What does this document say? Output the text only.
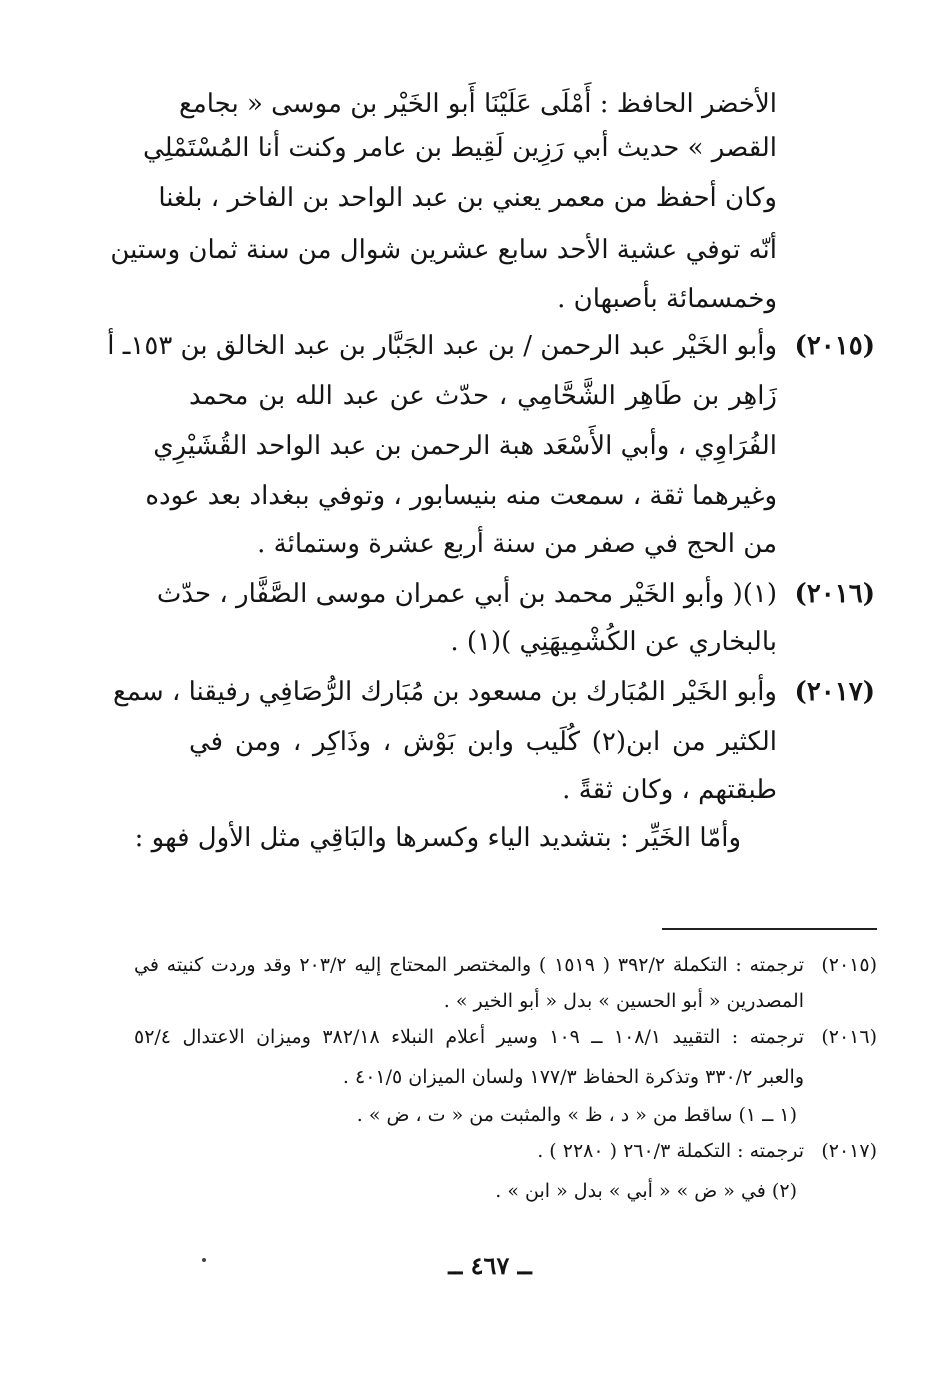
الأخضر الحافظ : أَمْلَى عَلَيْنَا أَبو الخَيْر بن موسى « بجامع
القصر » حديث أبي رَزِين لَقِيط بن عامر وكنت أنا المُسْتَمْلِي
وكان أحفظ من معمر يعني بن عبد الواحد بن الفاخر ، بلغنا
أنّه توفي عشية الأحد سابع عشرين شوال من سنة ثمان وستين
وخمسمائة بأصبهان .
(٢٠١٥)
وأبو الخَيْر عبد الرحمن / بن عبد الجَبَّار بن عبد الخالق بن ١٥٣ـ أ
زَاهِر بن طَاهِر الشَّحَّامِي ، حدّث عن عبد الله بن محمد
الفُرَاوِي ، وأبي الأَسْعَد هبة الرحمن بن عبد الواحد القُشَيْرِي
وغيرهما ثقة ، سمعت منه بنيسابور ، وتوفي ببغداد بعد عوده
من الحج في صفر من سنة أربع عشرة وستمائة .
(٢٠١٦)
(١)( وأبو الخَيْر محمد بن أبي عمران موسى الصَّفَّار ، حدّث
بالبخاري عن الكُشْمِيهَنِي )(١) .
(٢٠١٧)
وأبو الخَيْر المُبَارك بن مسعود بن مُبَارك الرُّصَافِي رفيقنا ، سمع
الكثير من ابن(٢) كُلَيب وابن بَوْش ، وذَاكِر ، ومن في
طبقتهم ، وكان ثقةً .
وأمّا الخَيِّر : بتشديد الياء وكسرها والبَاقِي مثل الأول فهو :
(٢٠١٥)
ترجمته : التكملة ٣٩٢/٢ ( ١٥١٩ ) والمختصر المحتاج إليه ٢٠٣/٢ وقد وردت كنيته في
المصدرين « أبو الحسين » بدل « أبو الخير » .
(٢٠١٦)
ترجمته : التقييد ١٠٨/١ ــ ١٠٩ وسير أعلام النبلاء ٣٨٢/١٨ وميزان الاعتدال ٥٢/٤
والعبر ٣٣٠/٢ وتذكرة الحفاظ ١٧٧/٣ ولسان الميزان ٤٠١/٥ .
(١ ــ ١) ساقط من « د ، ظ » والمثبت من « ت ، ض » .
(٢٠١٧)
ترجمته : التكملة ٢٦٠/٣ ( ٢٢٨٠ ) .
(٢) في « ض » « أبي » بدل « ابن » .
ــ ٤٦٧ ــ
